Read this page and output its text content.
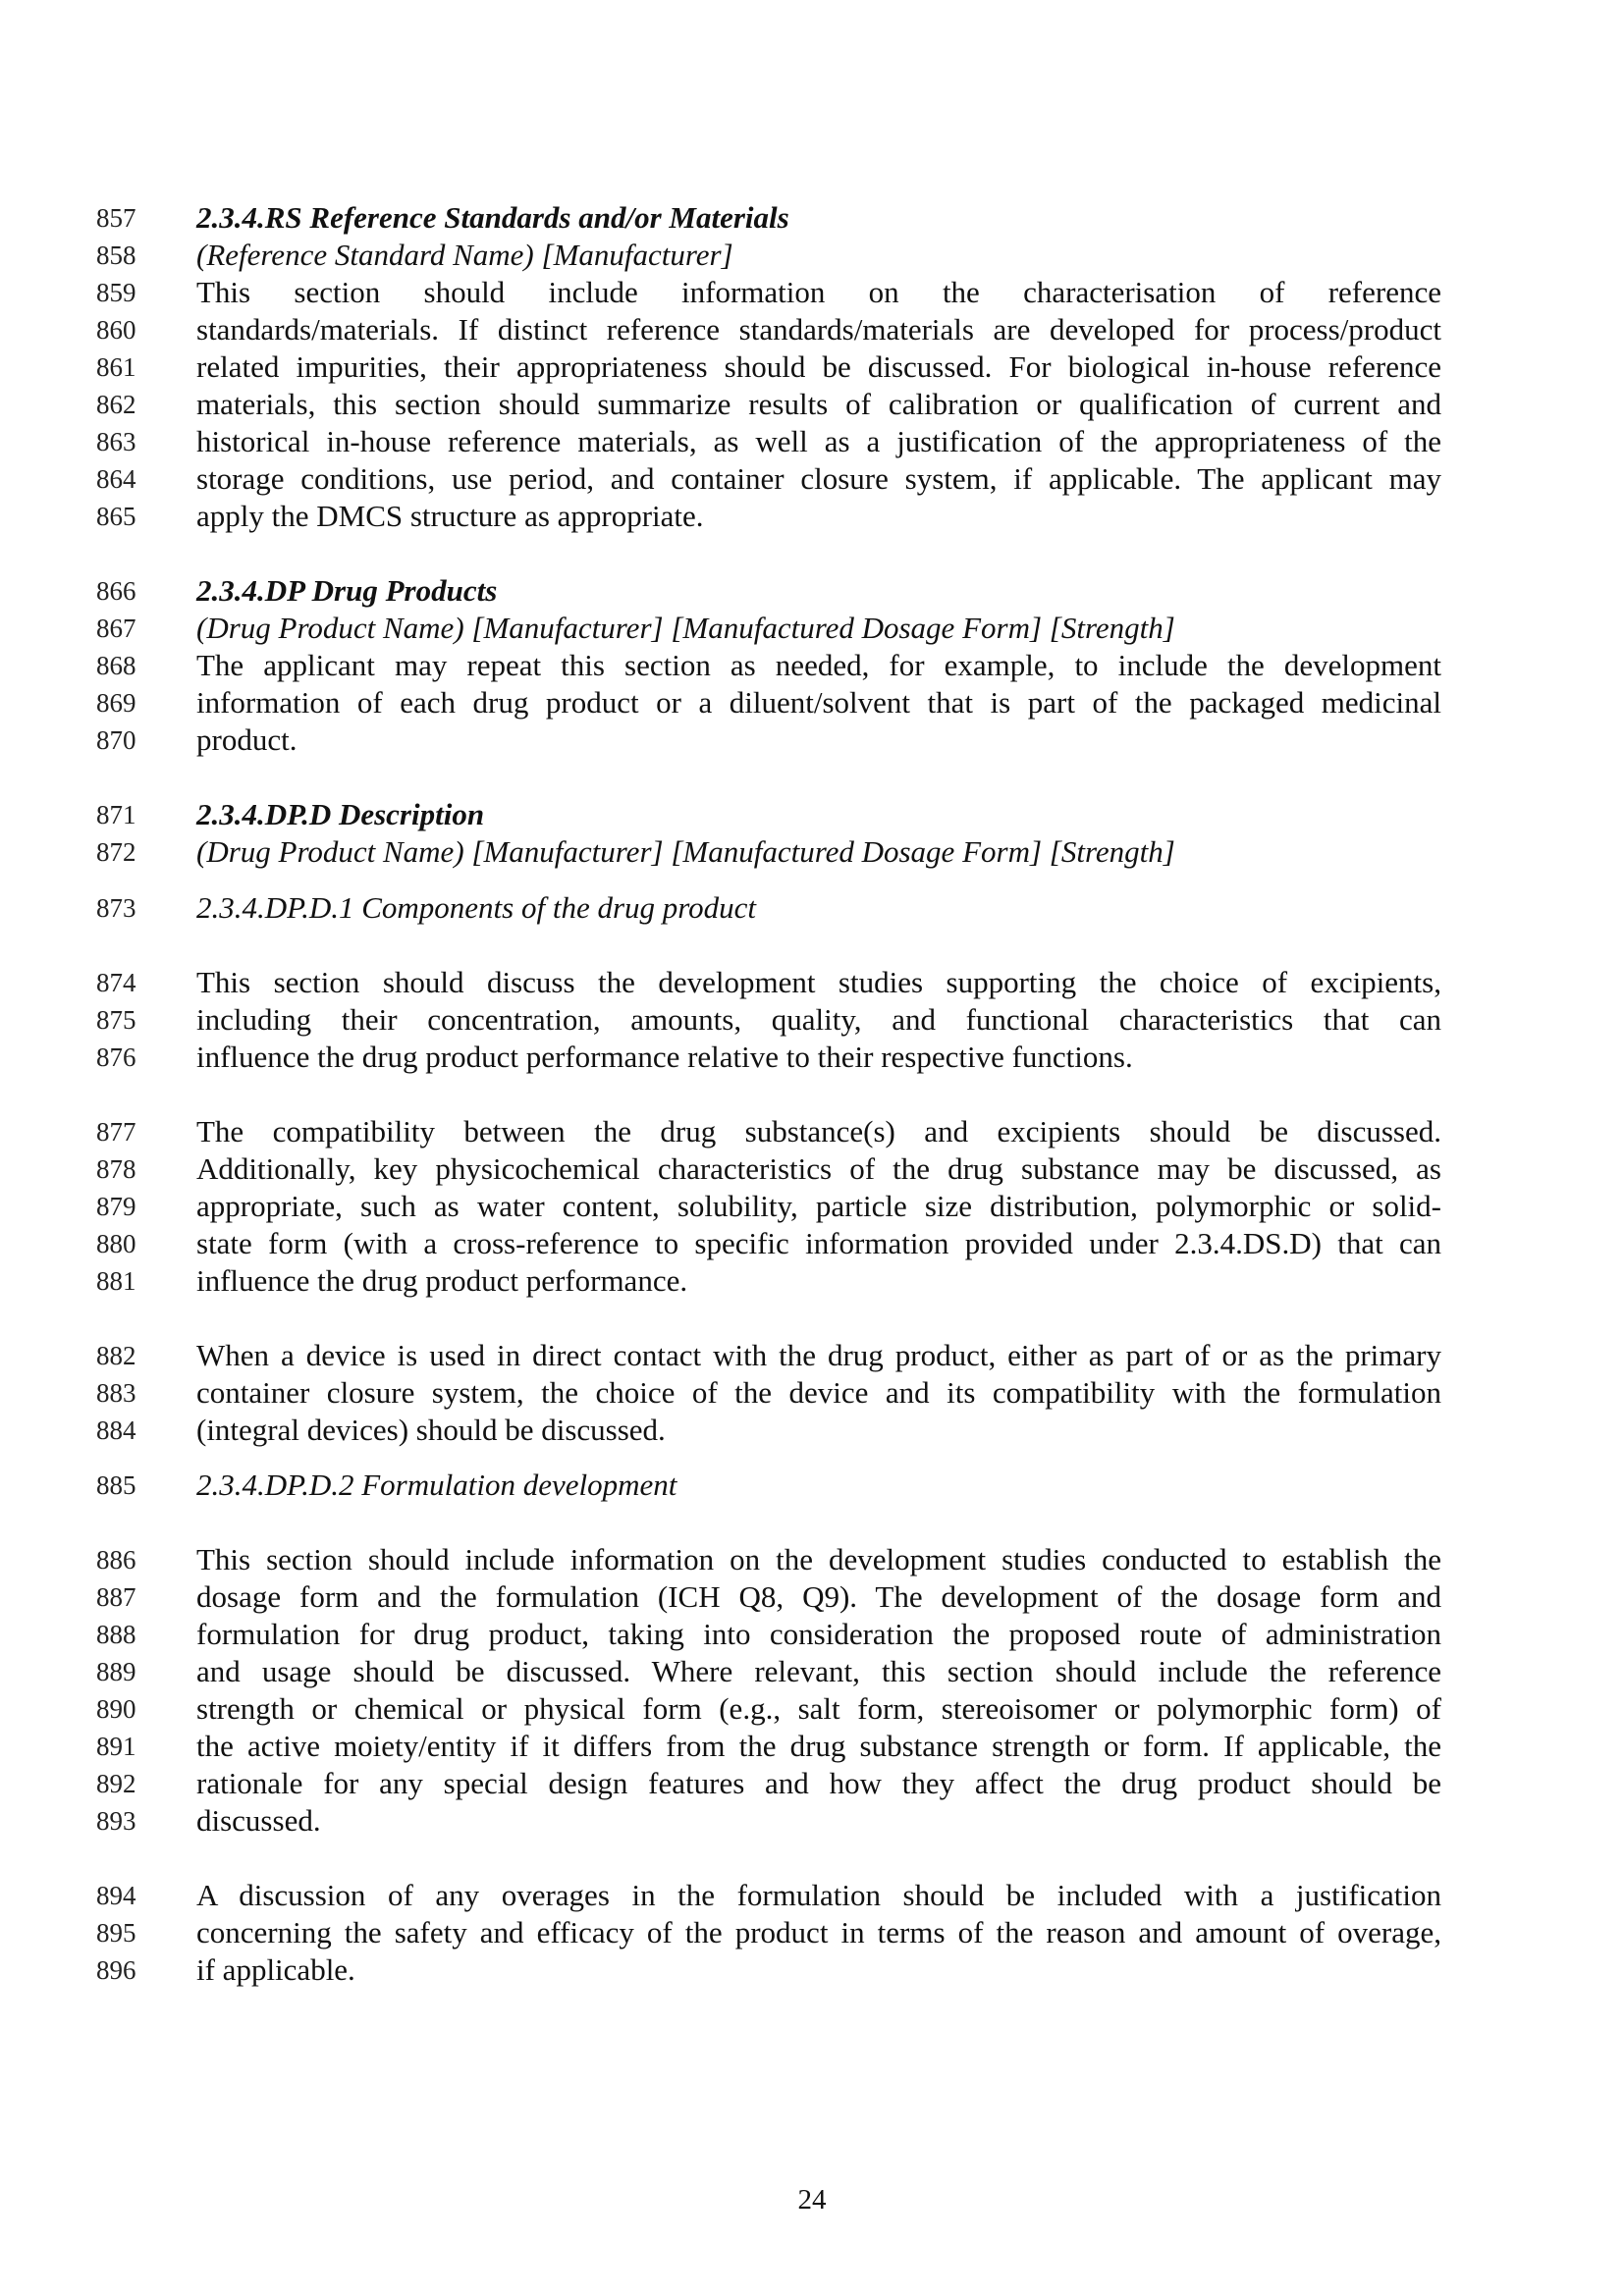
857	2.3.4.RS Reference Standards and/or Materials
858	(Reference Standard Name) [Manufacturer]
859	This section should include information on the characterisation of reference
860	standards/materials. If distinct reference standards/materials are developed for process/product
861	related impurities, their appropriateness should be discussed. For biological in-house reference
862	materials, this section should summarize results of calibration or qualification of current and
863	historical in-house reference materials, as well as a justification of the appropriateness of the
864	storage conditions, use period, and container closure system, if applicable. The applicant may
865	apply the DMCS structure as appropriate.
866	2.3.4.DP Drug Products
867	(Drug Product Name) [Manufacturer] [Manufactured Dosage Form] [Strength]
868	The applicant may repeat this section as needed, for example, to include the development
869	information of each drug product or a diluent/solvent that is part of the packaged medicinal
870	product.
871	2.3.4.DP.D Description
872	(Drug Product Name) [Manufacturer] [Manufactured Dosage Form] [Strength]
873	2.3.4.DP.D.1 Components of the drug product
874	This section should discuss the development studies supporting the choice of excipients,
875	including their concentration, amounts, quality, and functional characteristics that can
876	influence the drug product performance relative to their respective functions.
877	The compatibility between the drug substance(s) and excipients should be discussed.
878	Additionally, key physicochemical characteristics of the drug substance may be discussed, as
879	appropriate, such as water content, solubility, particle size distribution, polymorphic or solid-
880	state form (with a cross-reference to specific information provided under 2.3.4.DS.D) that can
881	influence the drug product performance.
882	When a device is used in direct contact with the drug product, either as part of or as the primary
883	container closure system, the choice of the device and its compatibility with the formulation
884	(integral devices) should be discussed.
885	2.3.4.DP.D.2 Formulation development
886	This section should include information on the development studies conducted to establish the
887	dosage form and the formulation (ICH Q8, Q9). The development of the dosage form and
888	formulation for drug product, taking into consideration the proposed route of administration
889	and usage should be discussed. Where relevant, this section should include the reference
890	strength or chemical or physical form (e.g., salt form, stereoisomer or polymorphic form) of
891	the active moiety/entity if it differs from the drug substance strength or form. If applicable, the
892	rationale for any special design features and how they affect the drug product should be
893	discussed.
894	A discussion of any overages in the formulation should be included with a justification
895	concerning the safety and efficacy of the product in terms of the reason and amount of overage,
896	if applicable.
24
